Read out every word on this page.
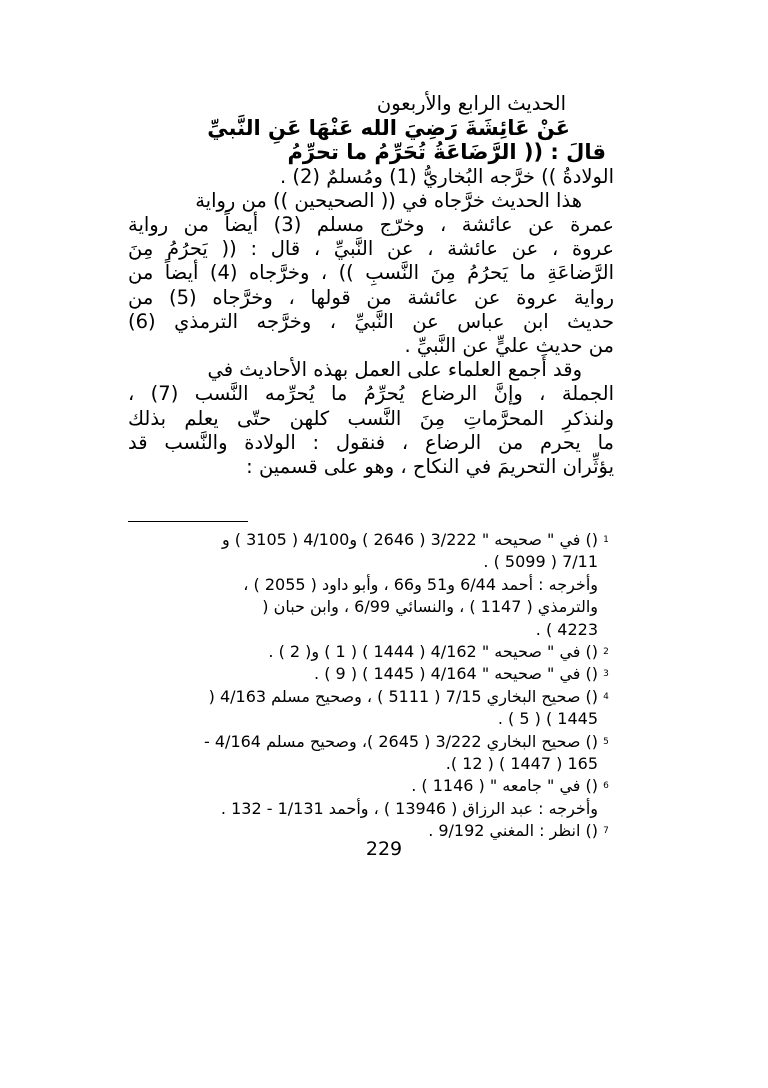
الحديث الرابع والأربعون
عَنْ عَائِشَةَ رَضِيَ الله عَنْهَا عَنِ النَّبيِّ
قالَ : (( الرَّضَاعَةُ تُحَرِّمُ ما تحرِّمُ
الولادةُ )) خرَّجه البُخاريُّ (1) ومُسلمٌ (2) .
هذا الحديث خرَّجاه في (( الصحيحين )) من رواية
عمرة عن عائشة ، وخرّج مسلم (3) أيضاً من رواية
عروة ، عن عائشة ، عن النَّبيِّ ، قال : (( يَحرُمُ مِنَ
الرَّضاعَةِ ما يَحرُمُ مِنَ النَّسبِ )) ، وخرَّجاه (4) أيضاً من
رواية عروة عن عائشة من قولها ، وخرَّجاه (5) من
حديث ابن عباس عن النَّبيِّ ، وخرَّجه الترمذي (6)
من حديثِ عليٍّ عن النَّبيِّ .
وقد أجمع العلماء على العمل بهذه الأحاديث في
الجملة ، وإنَّ الرضاع يُحرِّمُ ما يُحرِّمه النَّسب (7) ،
ولنذكرِ المحرَّماتِ مِنَ النَّسب كلهن حتّى يعلم بذلك
ما يحرم من الرضاع ، فنقول : الولادة والنَّسب قد
يؤثِّران التحريمَ في النكاح ، وهو على قسمين :
1() في " صحيحه " 3/222 ( 2646 ) و4/100 ( 3105 ) و
7/11 ( 5099 ) .
وأخرجه : أحمد 6/44 و51 و66 ، وأبو داود ( 2055 ) ،
والترمذي ( 1147 ) ، والنسائي 6/99 ، وابن حبان (
4223 ) .
2() في " صحيحه " 4/162 ( 1444 ) ( 1 ) و( 2 ) .
3() في " صحيحه " 4/164 ( 1445 ) ( 9 ) .
4() صحيح البخاري 7/15 ( 5111 ) ، وصحيح مسلم 4/163 (
1445 ) ( 5 ) .
5() صحيح البخاري 3/222 ( 2645 )، وصحيح مسلم 4/164 -
165 ( 1447 ) ( 12 ).
6() في " جامعه " ( 1146 ) .
وأخرجه : عبد الرزاق ( 13946 ) ، وأحمد 1/131 - 132 .
7() انظر : المغني 9/192 .
229
